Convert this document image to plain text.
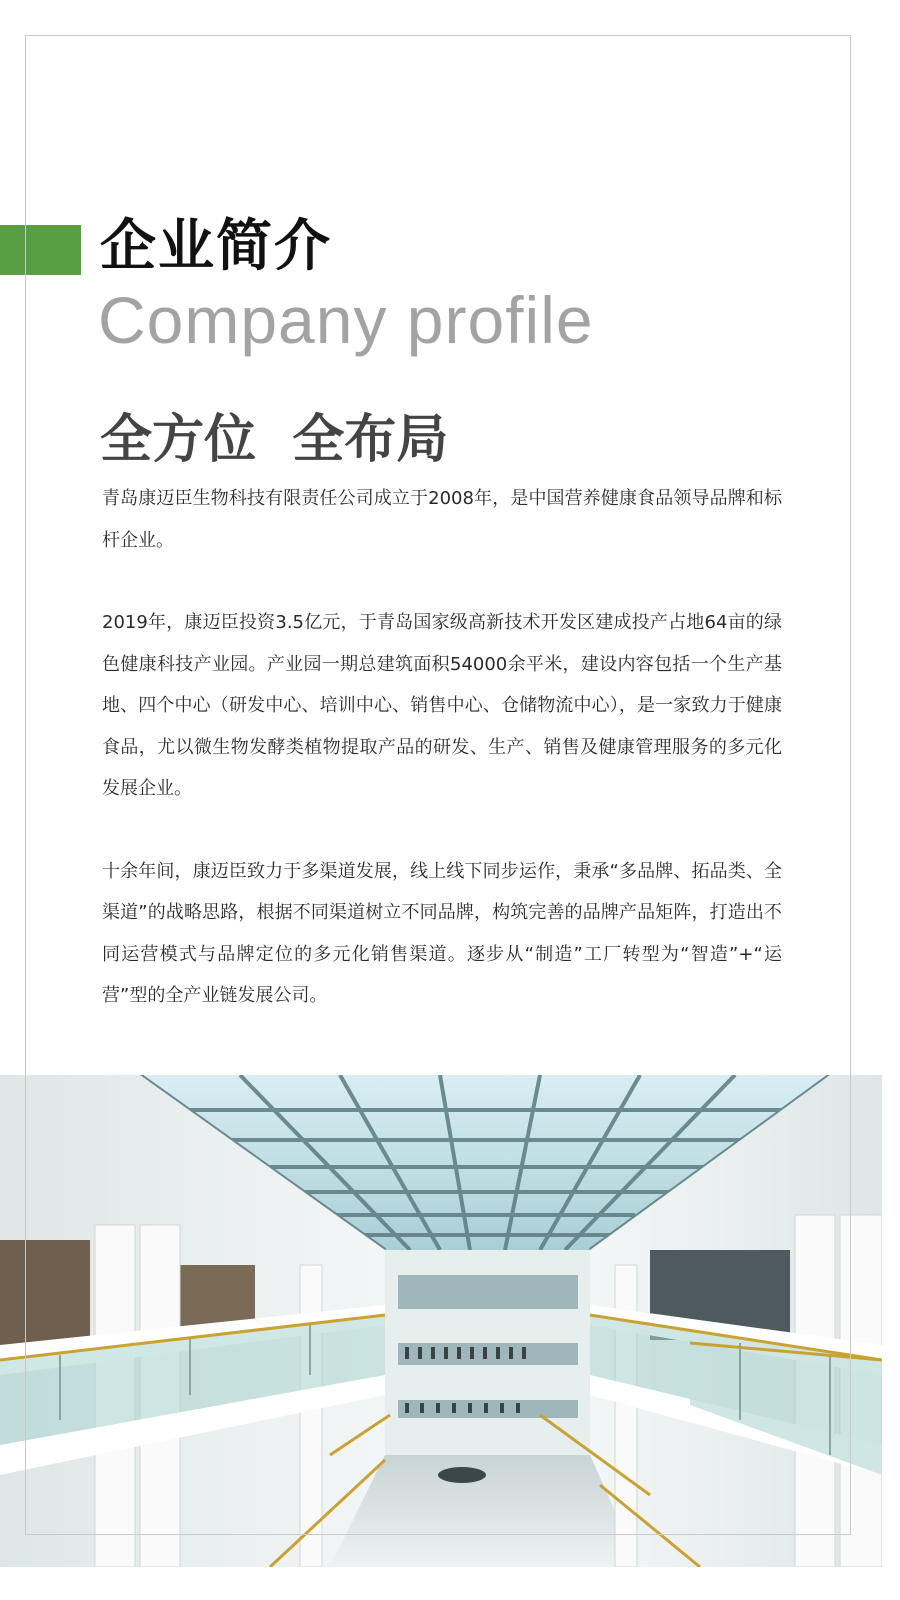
企业简介
Company profile
全方位  全布局

青岛康迈臣生物科技有限责任公司成立于2008年，是中国营养健康食品领导品牌和标杆企业。

2019年，康迈臣投资3.5亿元，于青岛国家级高新技术开发区建成投产占地64亩的绿色健康科技产业园。产业园一期总建筑面积54000余平米，建设内容包括一个生产基地、四个中心（研发中心、培训中心、销售中心、仓储物流中心），是一家致力于健康食品，尤以微生物发酵类植物提取产品的研发、生产、销售及健康管理服务的多元化发展企业。

十余年间，康迈臣致力于多渠道发展，线上线下同步运作，秉承“多品牌、拓品类、全渠道”的战略思路，根据不同渠道树立不同品牌，构筑完善的品牌产品矩阵，打造出不同运营模式与品牌定位的多元化销售渠道。逐步从“制造”工厂转型为“智造”+“运营”型的全产业链发展公司。
